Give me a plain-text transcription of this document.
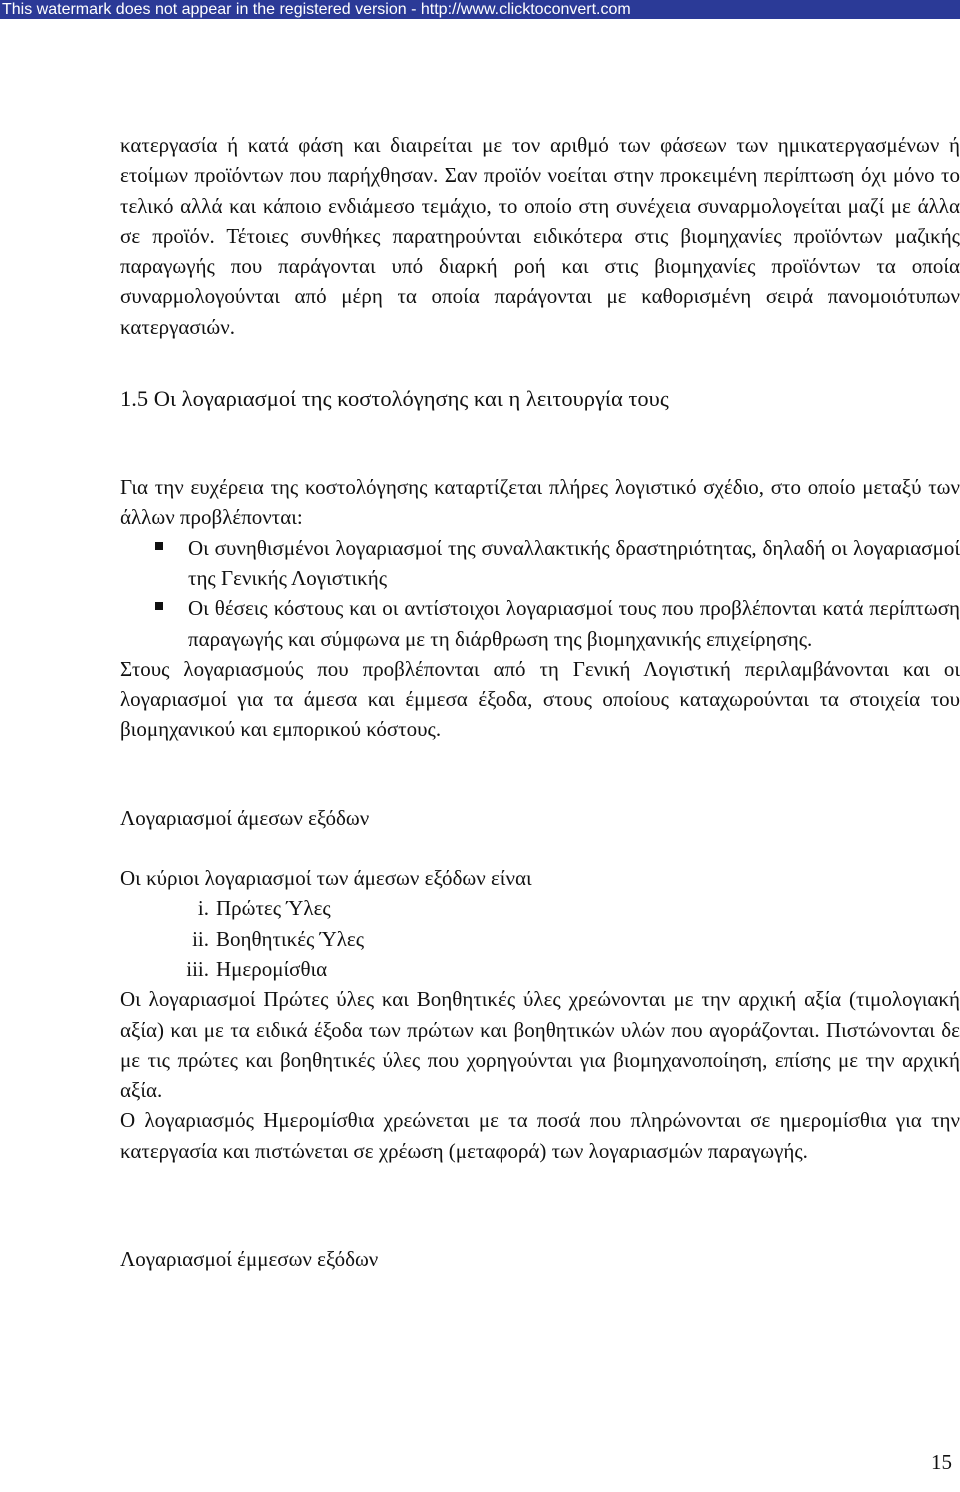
This watermark does not appear in the registered version - http://www.clicktoconvert.com

κατεργασία ή κατά φάση και διαιρείται με τον αριθμό των φάσεων των ημικατεργασμένων ή ετοίμων προϊόντων που παρήχθησαν. Σαν προϊόν νοείται στην προκειμένη περίπτωση όχι μόνο το τελικό αλλά και κάποιο ενδιάμεσο τεμάχιο, το οποίο στη συνέχεια συναρμολογείται μαζί με άλλα σε προϊόν. Τέτοιες συνθήκες παρατηρούνται ειδικότερα στις βιομηχανίες προϊόντων μαζικής παραγωγής που παράγονται υπό διαρκή ροή και στις βιομηχανίες προϊόντων τα οποία συναρμολογούνται από μέρη τα οποία παράγονται με καθορισμένη σειρά πανομοιότυπων κατεργασιών.

1.5 Οι λογαριασμοί της κοστολόγησης και η λειτουργία τους

Για την ευχέρεια της κοστολόγησης καταρτίζεται πλήρες λογιστικό σχέδιο, στο οποίο μεταξύ των άλλων προβλέπονται:

Οι συνηθισμένοι λογαριασμοί της συναλλακτικής δραστηριότητας, δηλαδή οι λογαριασμοί της Γενικής Λογιστικής
Οι θέσεις κόστους και οι αντίστοιχοι λογαριασμοί τους που προβλέπονται κατά περίπτωση παραγωγής και σύμφωνα με τη διάρθρωση της βιομηχανικής επιχείρησης.

Στους λογαριασμούς που προβλέπονται από τη Γενική Λογιστική περιλαμβάνονται και οι λογαριασμοί για τα άμεσα και έμμεσα έξοδα, στους οποίους καταχωρούνται τα στοιχεία του βιομηχανικού και εμπορικού κόστους.

Λογαριασμοί άμεσων εξόδων

Οι κύριοι λογαριασμοί των άμεσων εξόδων είναι

i. Πρώτες Ύλες
ii. Βοηθητικές Ύλες
iii. Ημερομίσθια

Οι λογαριασμοί Πρώτες ύλες και Βοηθητικές ύλες χρεώνονται με την αρχική αξία (τιμολογιακή αξία) και με τα ειδικά έξοδα των πρώτων και βοηθητικών υλών που αγοράζονται. Πιστώνονται δε με τις πρώτες και βοηθητικές ύλες που χορηγούνται για βιομηχανοποίηση, επίσης με την αρχική αξία.

Ο λογαριασμός Ημερομίσθια χρεώνεται με τα ποσά που πληρώνονται σε ημερομίσθια για την κατεργασία και πιστώνεται σε χρέωση (μεταφορά) των λογαριασμών παραγωγής.

Λογαριασμοί έμμεσων εξόδων

15
